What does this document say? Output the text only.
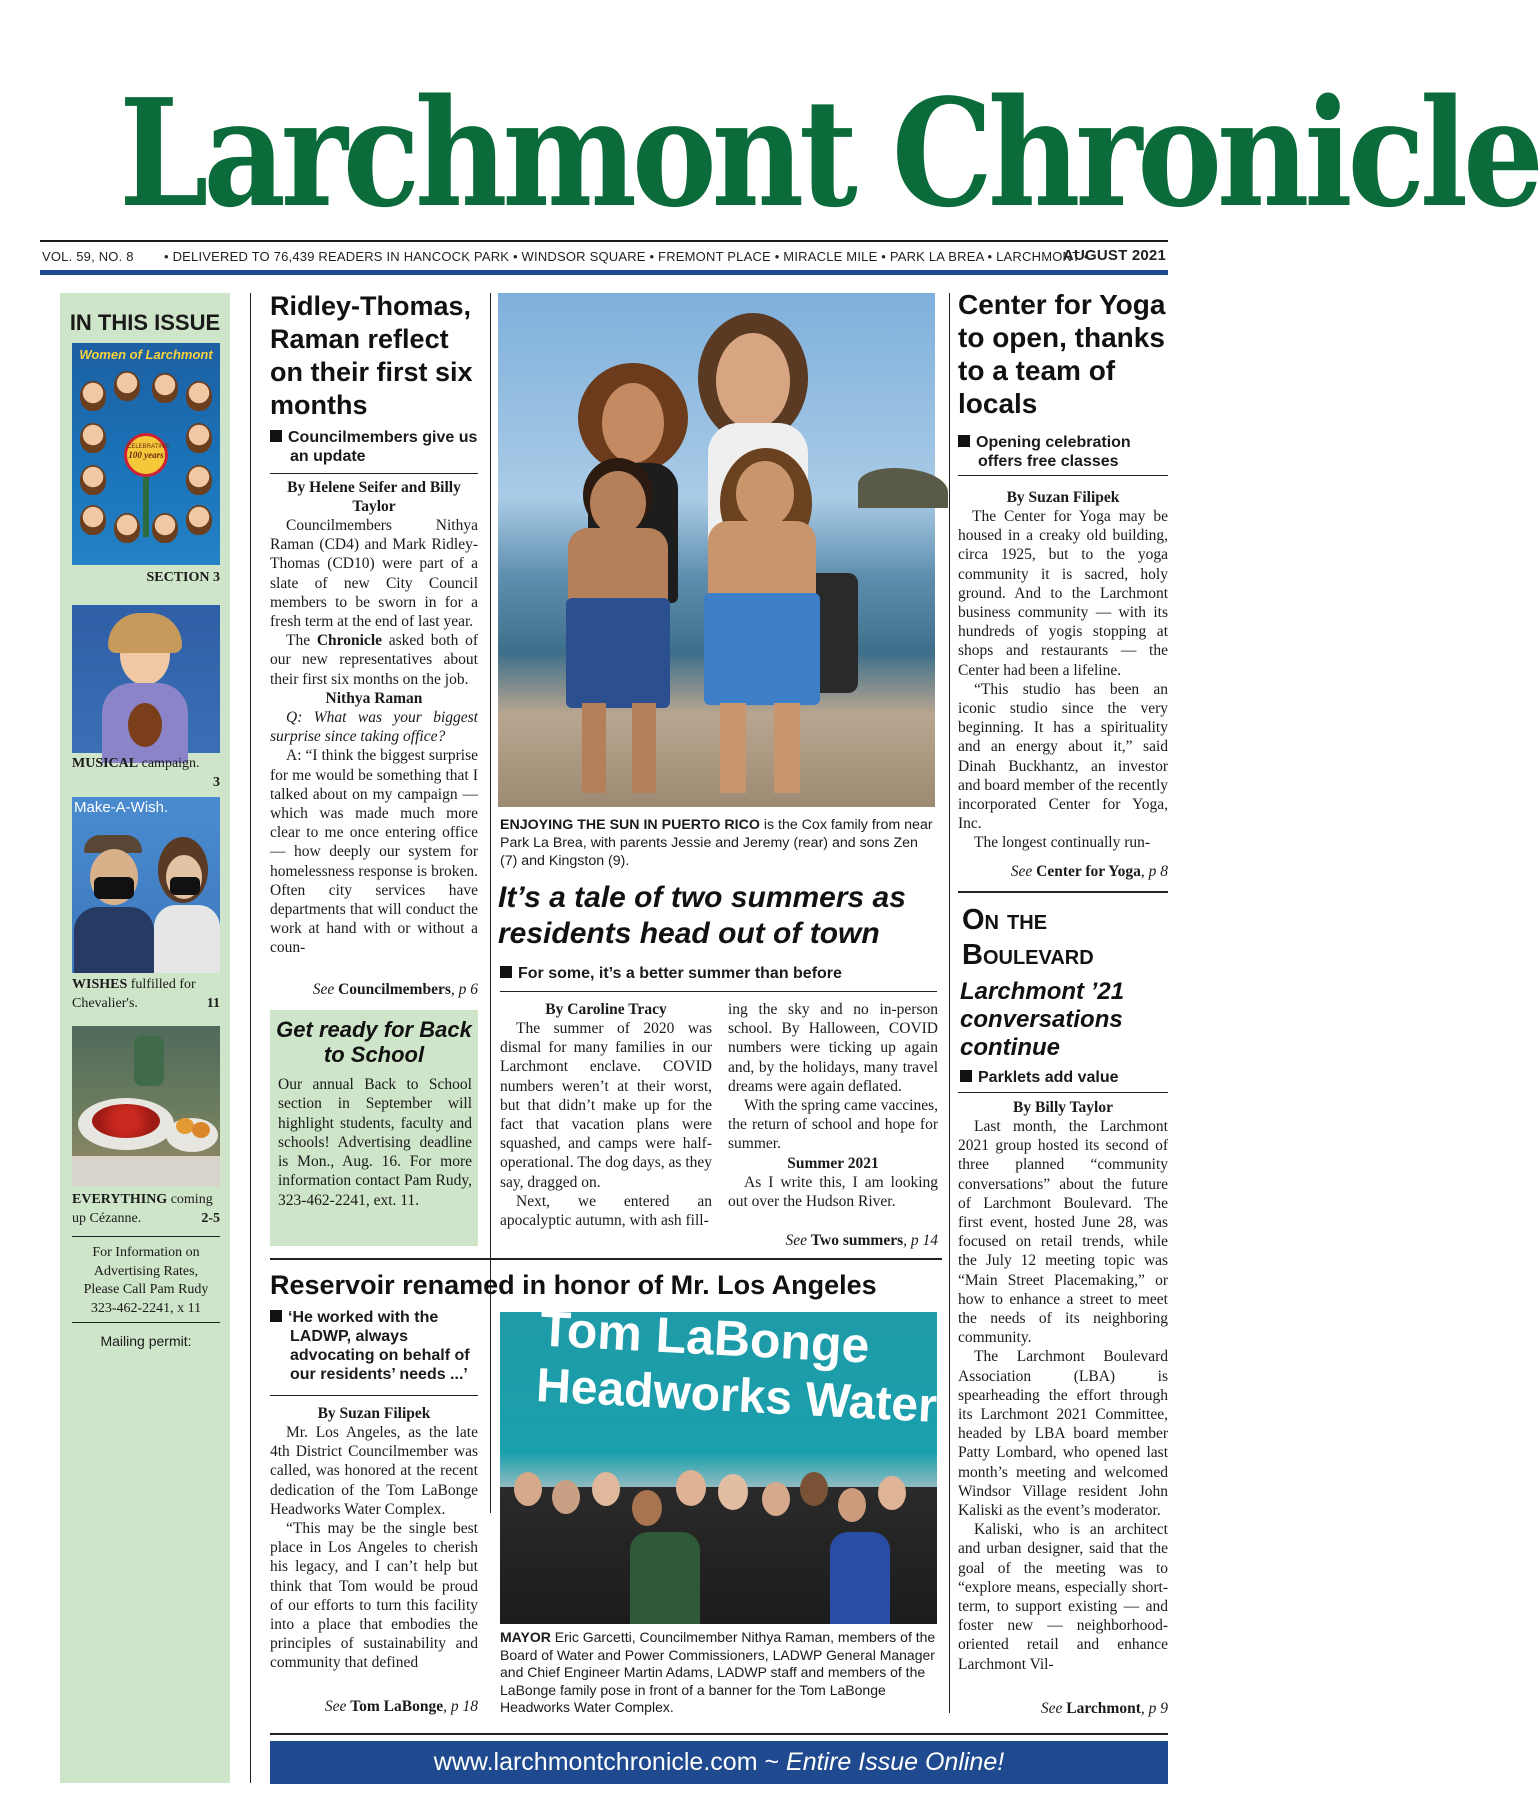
Larchmont Chronicle
VOL. 59, NO. 8 • DELIVERED TO 76,439 READERS IN HANCOCK PARK • WINDSOR SQUARE • FREMONT PLACE • MIRACLE MILE • PARK LA BREA • LARCHMONT •
AUGUST 2021
IN THIS ISSUE
Women of Larchmont
CELEBRATING
100 years
SECTION 3
MUSICAL campaign.

3
Make-A-Wish.
WISHES fulfilled for Chevalier's.	11
EVERYTHING coming up Cézanne.	2-5
For Information on Advertising Rates, Please Call Pam Rudy 323-462-2241, x 11
Mailing permit:
Ridley-Thomas, Raman reflect on their first six months
Councilmembers give us an update
By Helene Seifer and Billy Taylor

Councilmembers Nithya Raman (CD4) and Mark Ridley-Thomas (CD10) were part of a slate of new City Council members to be sworn in for a fresh term at the end of last year.

The Chronicle asked both of our new representatives about their first six months on the job.

Nithya Raman

Q: What was your biggest surprise since taking office?

A: “I think the biggest surprise for me would be something that I talked about on my campaign — which was made much more clear to me once entering office — how deeply our system for homelessness response is broken. Often city services have departments that will conduct the work at hand with or without a coun-

See Councilmembers, p 6
Get ready for Back to School

Our annual Back to School section in September will highlight students, faculty and schools! Advertising deadline is Mon., Aug. 16. For more information contact Pam Rudy, 323-462-2241, ext. 11.

ENJOYING THE SUN IN PUERTO RICO is the Cox family from near Park La Brea, with parents Jessie and Jeremy (rear) and sons Zen (7) and Kingston (9).
It’s a tale of two summers as residents head out of town
For some, it’s a better summer than before
By Caroline Tracy

The summer of 2020 was dismal for many families in our Larchmont enclave. COVID numbers weren’t at their worst, but that didn’t make up for the fact that vacation plans were squashed, and camps were half-operational. The dog days, as they say, dragged on.

Next, we entered an apocalyptic autumn, with ash fill-

ing the sky and no in-person school. By Halloween, COVID numbers were ticking up again and, by the holidays, many travel dreams were again deflated.

With the spring came vaccines, the return of school and hope for summer.

Summer 2021

As I write this, I am looking out over the Hudson River.

See Two summers, p 14
Center for Yoga to open, thanks to a team of locals
Opening celebration offers free classes
By Suzan Filipek

The Center for Yoga may be housed in a creaky old building, circa 1925, but to the yoga community it is sacred, holy ground. And to the Larchmont business community — with its hundreds of yogis stopping at shops and restaurants — the Center had been a lifeline.

“This studio has been an iconic studio since the very beginning. It has a spirituality and an energy about it,” said Dinah Buckhantz, an investor and board member of the recently incorporated Center for Yoga, Inc.

The longest continually run-

See Center for Yoga, p 8
On the
Boulevard
Larchmont ’21 conversations continue
Parklets add value
By Billy Taylor

Last month, the Larchmont 2021 group hosted its second of three planned “community conversations” about the future of Larchmont Boulevard. The first event, hosted June 28, was focused on retail trends, while the July 12 meeting topic was “Main Street Placemaking,” or how to enhance a street to meet the needs of its neighboring community.

The Larchmont Boulevard Association (LBA) is spearheading the effort through its Larchmont 2021 Committee, headed by LBA board member Patty Lombard, who opened last month’s meeting and welcomed Windsor Village resident John Kaliski as the event’s moderator.

Kaliski, who is an architect and urban designer, said that the goal of the meeting was to “explore means, especially short-term, to support existing — and foster new — neighborhood-oriented retail and enhance Larchmont Vil-

See Larchmont, p 9
Reservoir renamed in honor of Mr. Los Angeles
‘He worked with the LADWP, always advocating on behalf of our residents’ needs ...’
By Suzan Filipek

Mr. Los Angeles, as the late 4th District Councilmember was called, was honored at the recent dedication of the Tom LaBonge Headworks Water Complex.

“This may be the single best place in Los Angeles to cherish his legacy, and I can’t help but think that Tom would be proud of our efforts to turn this facility into a place that embodies the principles of sustainability and community that defined

See Tom LaBonge, p 18
Tom LaBonge
Headworks Water
MAYOR Eric Garcetti, Councilmember Nithya Raman, members of the Board of Water and Power Commissioners, LADWP General Manager and Chief Engineer Martin Adams, LADWP staff and members of the LaBonge family pose in front of a banner for the Tom LaBonge Headworks Water Complex.
www.larchmontchronicle.com ~ Entire Issue Online!
